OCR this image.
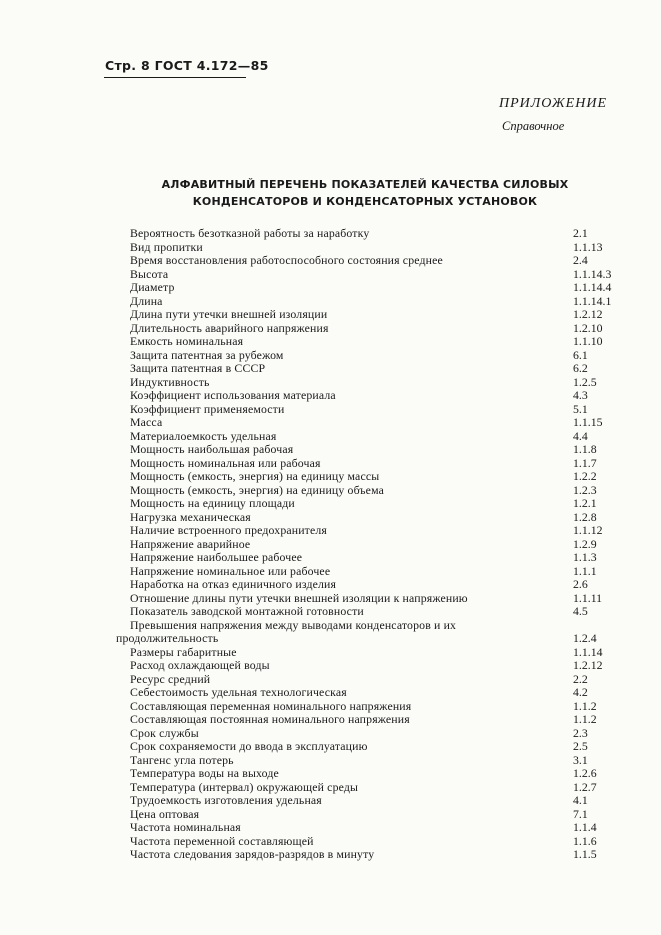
Стр. 8 ГОСТ 4.172—85
ПРИЛОЖЕНИЕ
Справочное
АЛФАВИТНЫЙ ПЕРЕЧЕНЬ ПОКАЗАТЕЛЕЙ КАЧЕСТВА СИЛОВЫХ
КОНДЕНСАТОРОВ И КОНДЕНСАТОРНЫХ УСТАНОВОК
Вероятность безотказной работы за наработку	2.1
Вид пропитки	1.1.13
Время восстановления работоспособного состояния среднее	2.4
Высота	1.1.14.3
Диаметр	1.1.14.4
Длина	1.1.14.1
Длина пути утечки внешней изоляции	1.2.12
Длительность аварийного напряжения	1.2.10
Емкость номинальная	1.1.10
Защита патентная за рубежом	6.1
Защита патентная в СССР	6.2
Индуктивность	1.2.5
Коэффициент использования материала	4.3
Коэффициент применяемости	5.1
Масса	1.1.15
Материалоемкость удельная	4.4
Мощность наибольшая рабочая	1.1.8
Мощность номинальная или рабочая	1.1.7
Мощность (емкость, энергия) на единицу массы	1.2.2
Мощность (емкость, энергия) на единицу объема	1.2.3
Мощность на единицу площади	1.2.1
Нагрузка механическая	1.2.8
Наличие встроенного предохранителя	1.1.12
Напряжение аварийное	1.2.9
Напряжение наибольшее рабочее	1.1.3
Напряжение номинальное или рабочее	1.1.1
Наработка на отказ единичного изделия	2.6
Отношение длины пути утечки внешней изоляции к напряжению	1.1.11
Показатель заводской монтажной готовности	4.5
Превышения напряжения между выводами конденсаторов и их
продолжительность	1.2.4
Размеры габаритные	1.1.14
Расход охлаждающей воды	1.2.12
Ресурс средний	2.2
Себестоимость удельная технологическая	4.2
Составляющая переменная номинального напряжения	1.1.2
Составляющая постоянная номинального напряжения	1.1.2
Срок службы	2.3
Срок сохраняемости до ввода в эксплуатацию	2.5
Тангенс угла потерь	3.1
Температура воды на выходе	1.2.6
Температура (интервал) окружающей среды	1.2.7
Трудоемкость изготовления удельная	4.1
Цена оптовая	7.1
Частота номинальная	1.1.4
Частота переменной составляющей	1.1.6
Частота следования зарядов-разрядов в минуту	1.1.5
